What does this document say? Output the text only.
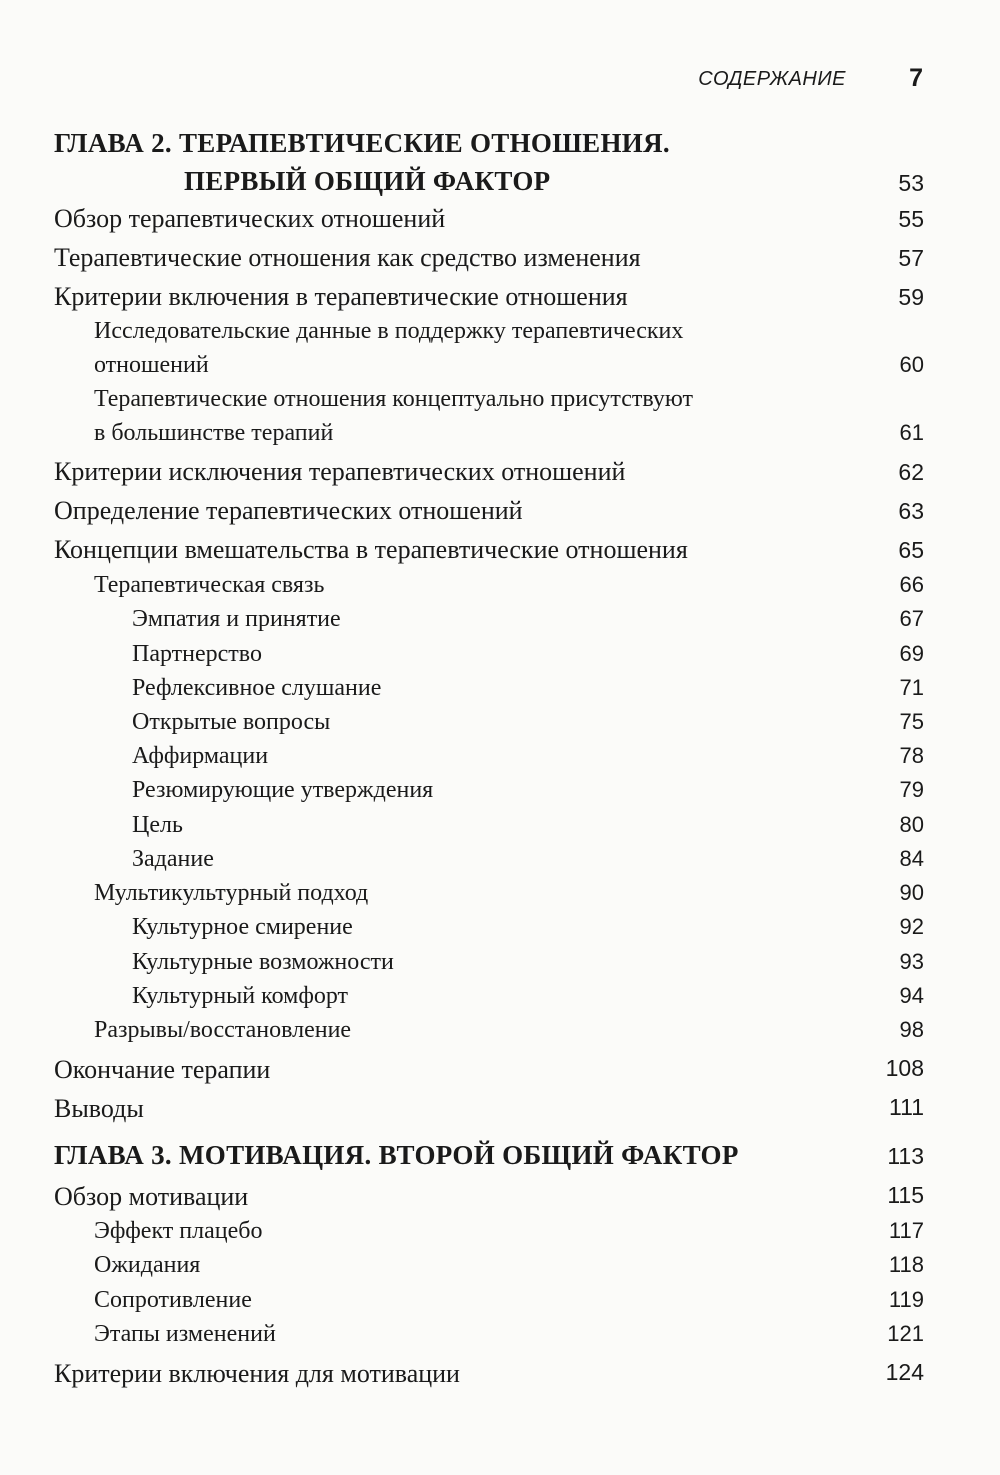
СОДЕРЖАНИЕ	7
ГЛАВА 2. ТЕРАПЕВТИЧЕСКИЕ ОТНОШЕНИЯ.
ПЕРВЫЙ ОБЩИЙ ФАКТОР	53
Обзор терапевтических отношений	55
Терапевтические отношения как средство изменения	57
Критерии включения в терапевтические отношения	59
Исследовательские данные в поддержку терапевтических
отношений	60
Терапевтические отношения концептуально присутствуют
в большинстве терапий	61
Критерии исключения терапевтических отношений	62
Определение терапевтических отношений	63
Концепции вмешательства в терапевтические отношения	65
Терапевтическая связь	66
Эмпатия и принятие	67
Партнерство	69
Рефлексивное слушание	71
Открытые вопросы	75
Аффирмации	78
Резюмирующие утверждения	79
Цель	80
Задание	84
Мультикультурный подход	90
Культурное смирение	92
Культурные возможности	93
Культурный комфорт	94
Разрывы/восстановление	98
Окончание терапии	108
Выводы	111
ГЛАВА 3. МОТИВАЦИЯ. ВТОРОЙ ОБЩИЙ ФАКТОР	113
Обзор мотивации	115
Эффект плацебо	117
Ожидания	118
Сопротивление	119
Этапы изменений	121
Критерии включения для мотивации	124
